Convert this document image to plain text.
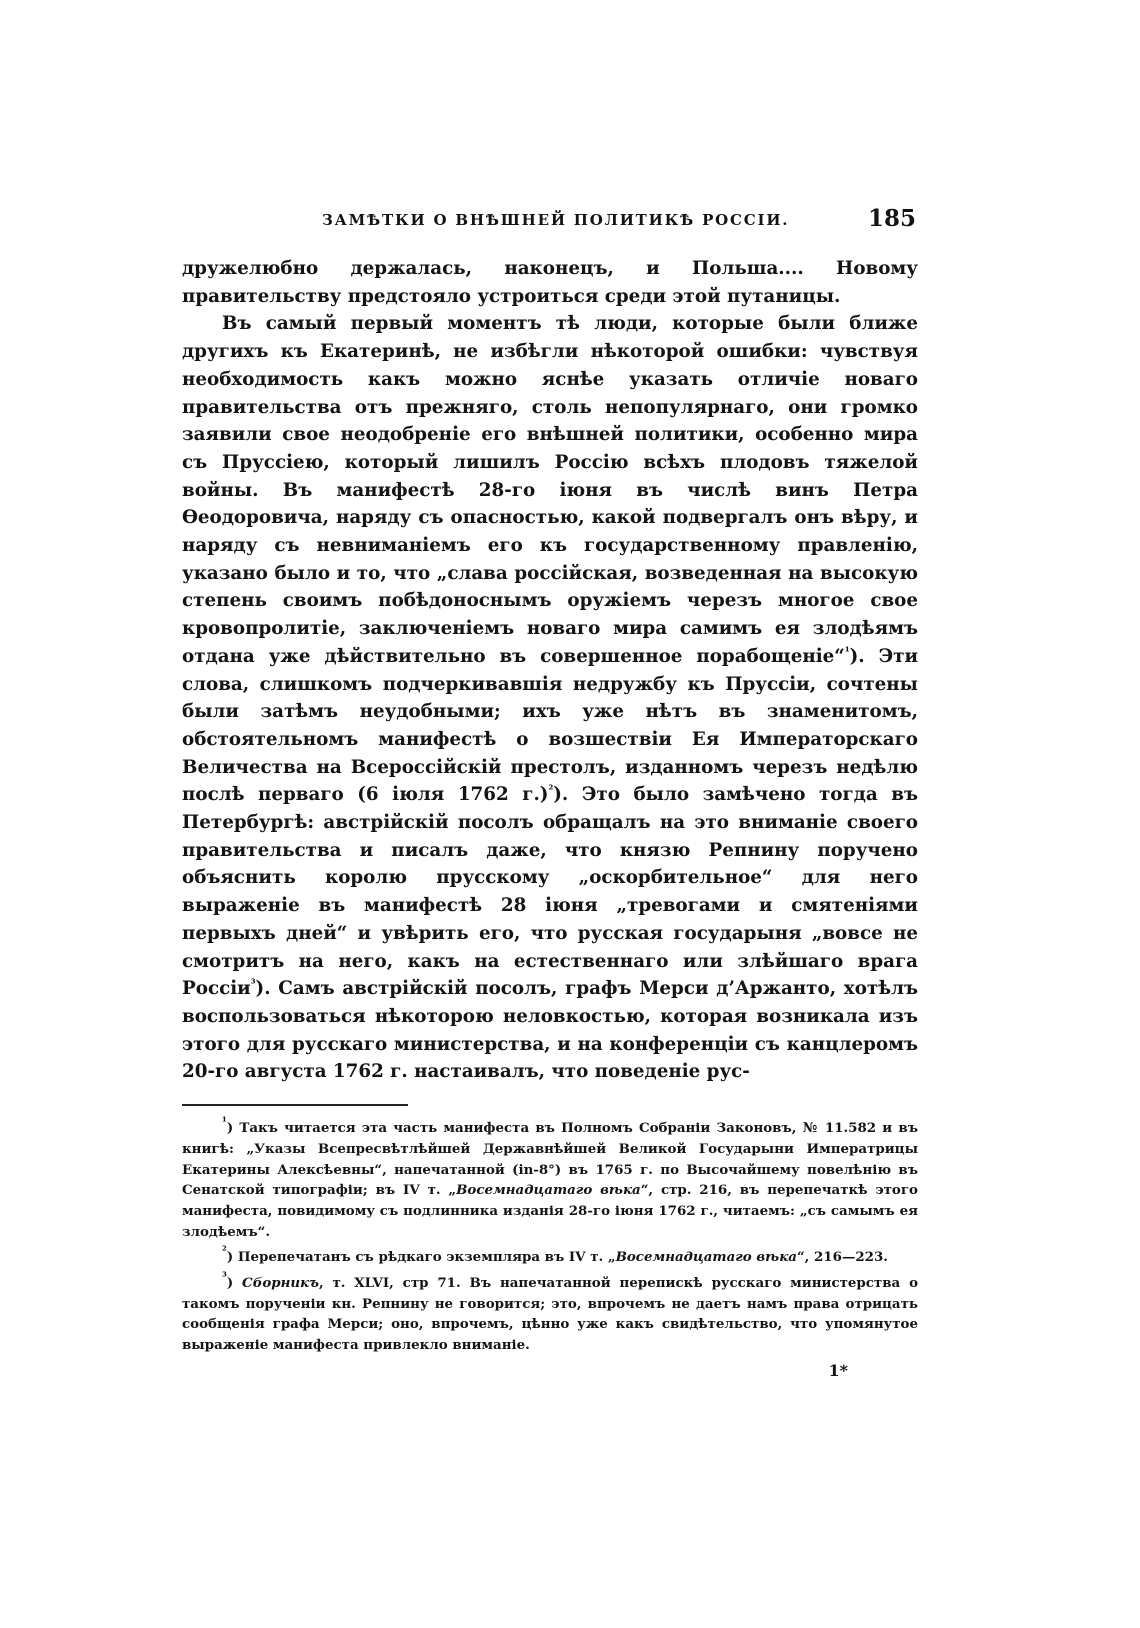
ЗАМѢТКИ О ВНѢШНЕЙ ПОЛИТИКѢ РОССІИ.	185

дружелюбно держалась, наконецъ, и Польша.... Новому правительству предстояло устроиться среди этой путаницы.

Въ самый первый моментъ тѣ люди, которые были ближе другихъ къ Екатеринѣ, не избѣгли нѣкоторой ошибки: чувствуя необходимость какъ можно яснѣе указать отличіе новаго правительства отъ прежняго, столь непопулярнаго, они громко заявили свое неодобреніе его внѣшней политики, особенно мира съ Пруссіею, который лишилъ Россію всѣхъ плодовъ тяжелой войны. Въ манифестѣ 28-го іюня въ числѣ винъ Петра Ѳеодоровича, наряду съ опасностью, какой подвергалъ онъ вѣру, и наряду съ невниманіемъ его къ государственному правленію, указано было и то, что „слава россійская, возведенная на высокую степень своимъ побѣдоноснымъ оружіемъ черезъ многое свое кровопролитіе, заключеніемъ новаго мира самимъ ея злодѣямъ отдана уже дѣйствительно въ совершенное порабощеніе“$^{^1}$). Эти слова, слишкомъ подчеркивавшія недружбу къ Пруссіи, сочтены были затѣмъ неудобными; ихъ уже нѣтъ въ знаменитомъ, обстоятельномъ манифестѣ о возшествіи Ея Императорскаго Величества на Всероссійскій престолъ, изданномъ черезъ недѣлю послѣ перваго (6 іюля 1762 г.)$^{^2}$). Это было замѣчено тогда въ Петербургѣ: австрійскій посолъ обращалъ на это вниманіе своего правительства и писалъ даже, что князю Репнину поручено объяснить королю прусскому „оскорбительное“ для него выраженіе въ манифестѣ 28 іюня „тревогами и смятеніями первыхъ дней“ и увѣрить его, что русская государыня „вовсе не смотритъ на него, какъ на естественнаго или злѣйшаго врага Россіи$^{^3}$). Самъ австрійскій посолъ, графъ Мерси д’Аржанто, хотѣлъ воспользоваться нѣкоторою неловкостью, которая возникала изъ этого для русскаго министерства, и на конференціи съ канцлеромъ 20-го августа 1762 г. настаивалъ, что поведеніе рус-

$^{^1}$) Такъ читается эта часть манифеста въ Полномъ Собраніи Законовъ, № 11.582 и въ книгѣ: „Указы Всепресвѣтлѣйшей Державнѣйшей Великой Государыни Императрицы Екатерины Алексѣевны“, напечатанной (in-8°) въ 1765 г. по Высочайшему повелѣнію въ Сенатской типографіи; въ IV т. „Восемнадцатаго вѣка“, стр. 216, въ перепечаткѣ этого манифеста, повидимому съ подлинника изданія 28-го іюня 1762 г., читаемъ: „съ самымъ ея злодѣемъ“.

$^{^2}$) Перепечатанъ съ рѣдкаго экземпляра въ IV т. „Восемнадцатаго вѣка“, 216—223.

$^{^3}$) Сборникъ, т. XLVI, стр 71. Въ напечатанной перепискѣ русскаго министерства о такомъ порученіи кн. Репнину не говорится; это, впрочемъ не даетъ намъ права отрицать сообщенія графа Мерси; оно, впрочемъ, цѣнно уже какъ свидѣтельство, что упомянутое выраженіе манифеста привлекло вниманіе.

1*
